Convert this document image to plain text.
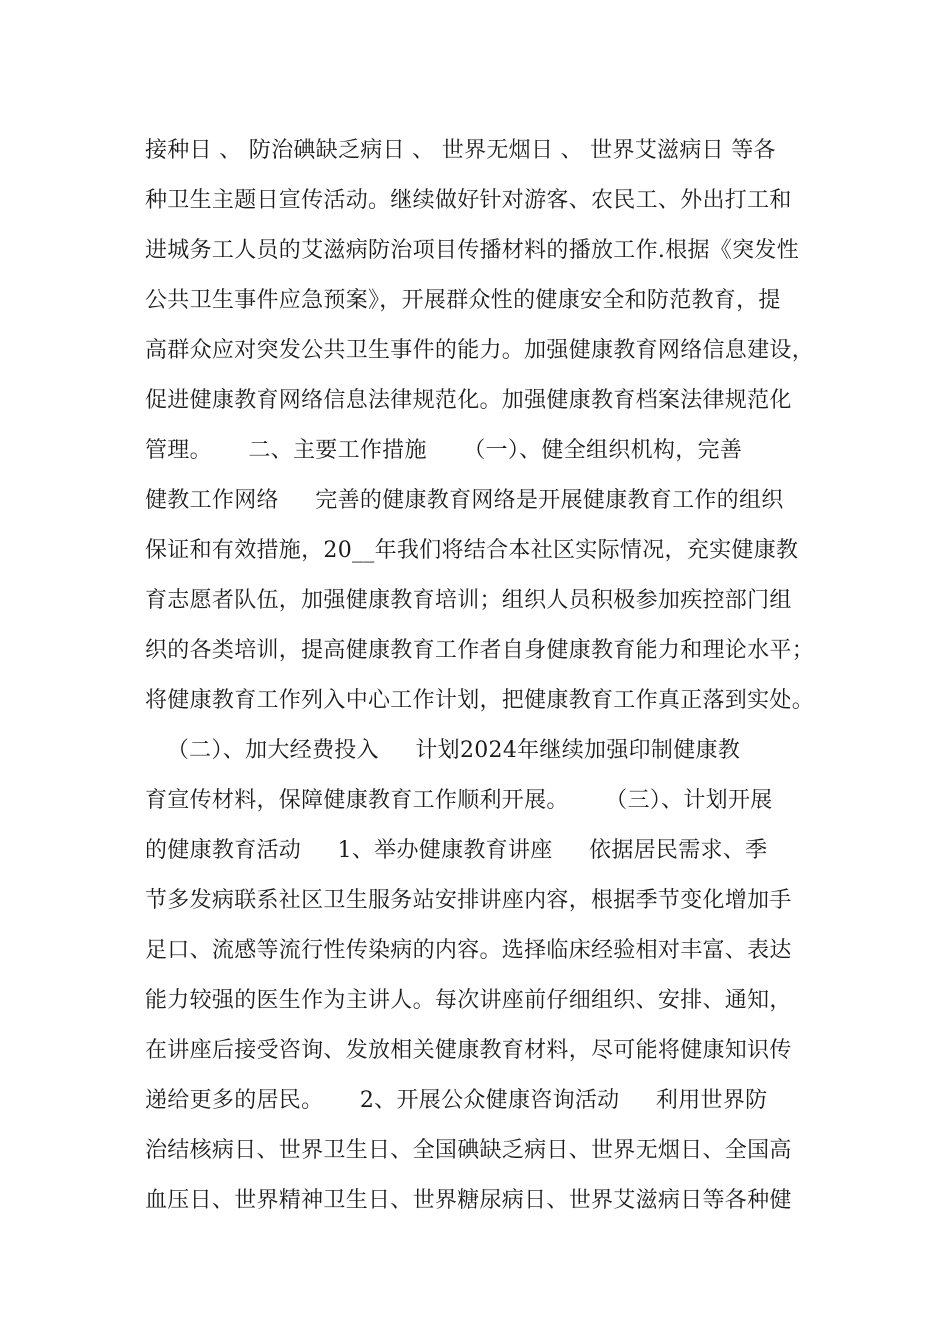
接种日 、 防治碘缺乏病日 、 世界无烟日 、 世界艾滋病日 等各
种卫生主题日宣传活动。继续做好针对游客、农民工、外出打工和
进城务工人员的艾滋病防治项目传播材料的播放工作.根据《突发性
公共卫生事件应急预案》，开展群众性的健康安全和防范教育，提
高群众应对突发公共卫生事件的能力。加强健康教育网络信息建设，
促进健康教育网络信息法律规范化。加强健康教育档案法律规范化
管理。     二、主要工作措施     （一）、健全组织机构，完善
健教工作网络     完善的健康教育网络是开展健康教育工作的组织
保证和有效措施，20__年我们将结合本社区实际情况，充实健康教
育志愿者队伍，加强健康教育培训；组织人员积极参加疾控部门组
织的各类培训，提高健康教育工作者自身健康教育能力和理论水平；
将健康教育工作列入中心工作计划，把健康教育工作真正落到实处。
（二）、加大经费投入     计划2024年继续加强印制健康教
育宣传材料，保障健康教育工作顺利开展。     （三）、计划开展
的健康教育活动     1、举办健康教育讲座     依据居民需求、季
节多发病联系社区卫生服务站安排讲座内容，根据季节变化增加手
足口、流感等流行性传染病的内容。选择临床经验相对丰富、表达
能力较强的医生作为主讲人。每次讲座前仔细组织、安排、通知，
在讲座后接受咨询、发放相关健康教育材料，尽可能将健康知识传
递给更多的居民。     2、开展公众健康咨询活动     利用世界防
治结核病日、世界卫生日、全国碘缺乏病日、世界无烟日、全国高
血压日、世界精神卫生日、世界糖尿病日、世界艾滋病日等各种健
